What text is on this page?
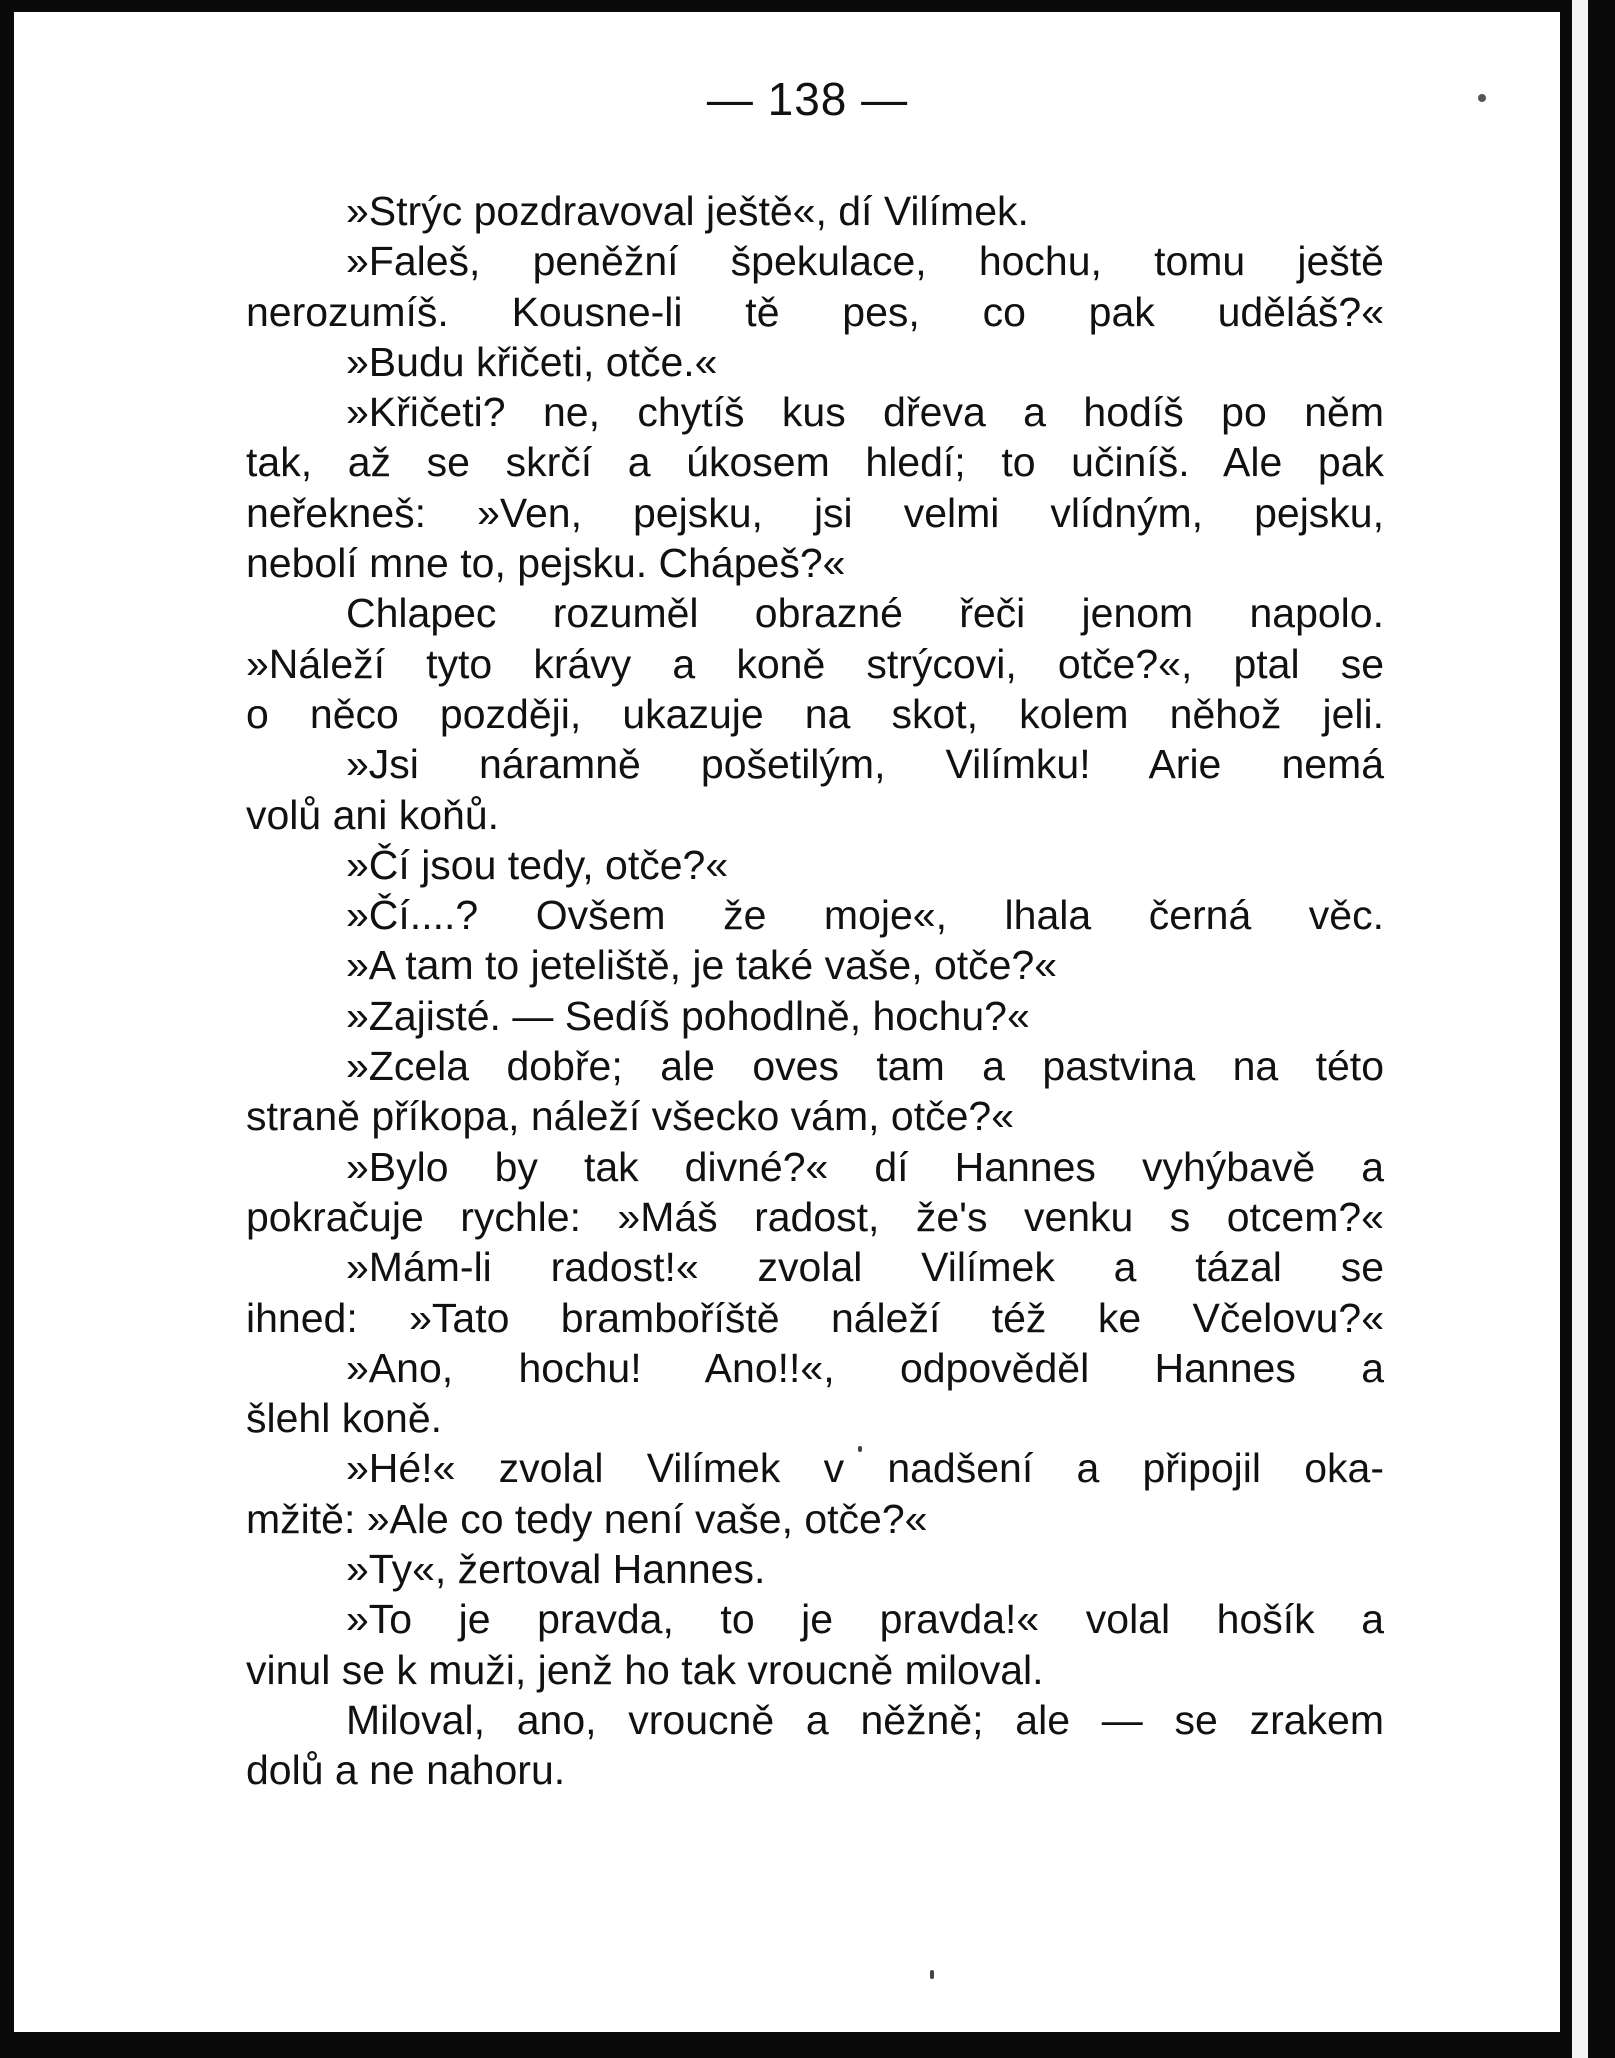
— 138 —
»Strýc pozdravoval ještě«, dí Vilímek.
»Faleš, peněžní špekulace, hochu, tomu ještě
nerozumíš. Kousne-li tě pes, co pak uděláš?«
»Budu křičeti, otče.«
»Křičeti? ne, chytíš kus dřeva a hodíš po něm
tak, až se skrčí a úkosem hledí; to učiníš. Ale pak
neřekneš: »Ven, pejsku, jsi velmi vlídným, pejsku,
nebolí mne to, pejsku. Chápeš?«
Chlapec rozuměl obrazné řeči jenom napolo.
»Náleží tyto krávy a koně strýcovi, otče?«, ptal se
o něco později, ukazuje na skot, kolem něhož jeli.
»Jsi náramně pošetilým, Vilímku! Arie nemá
volů ani koňů.
»Čí jsou tedy, otče?«
»Čí....? Ovšem že moje«, lhala černá věc.
»A tam to jeteliště, je také vaše, otče?«
»Zajisté. — Sedíš pohodlně, hochu?«
»Zcela dobře; ale oves tam a pastvina na této
straně příkopa, náleží všecko vám, otče?«
»Bylo by tak divné?« dí Hannes vyhýbavě a
pokračuje rychle: »Máš radost, že's venku s otcem?«
»Mám-li radost!« zvolal Vilímek a tázal se
ihned: »Tato bramboříště náleží též ke Včelovu?«
»Ano, hochu! Ano!!«, odpověděl Hannes a
šlehl koně.
»Hé!« zvolal Vilímek v nadšení a připojil oka-
mžitě: »Ale co tedy není vaše, otče?«
»Ty«, žertoval Hannes.
»To je pravda, to je pravda!« volal hošík a
vinul se k muži, jenž ho tak vroucně miloval.
Miloval, ano, vroucně a něžně; ale — se zrakem
dolů a ne nahoru.
